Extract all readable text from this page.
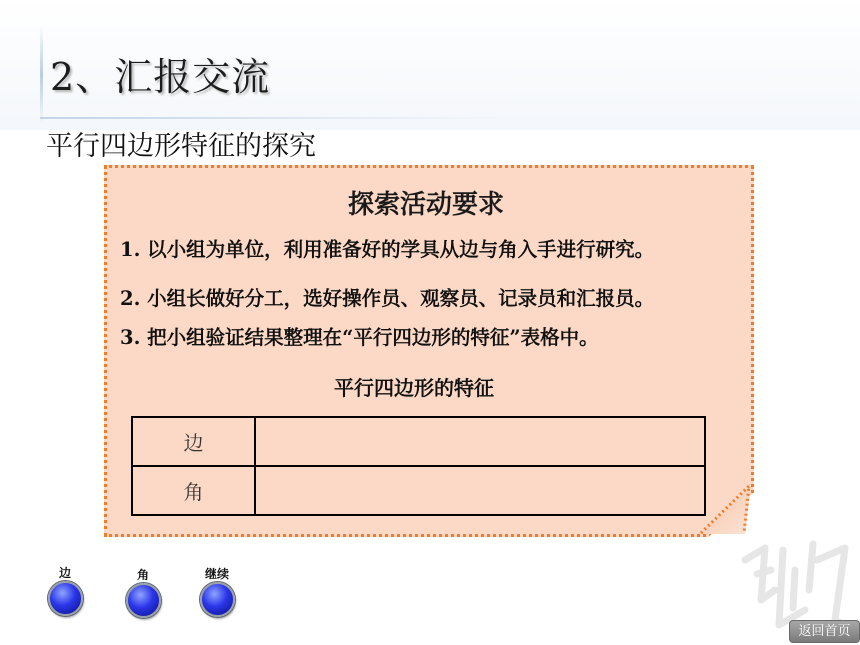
2、汇报交流
平行四边形特征的探究
探索活动要求

1. 以小组为单位，利用准备好的学具从边与角入手进行研究。

2. 小组长做好分工，选好操作员、观察员、记录员和汇报员。

3. 把小组验证结果整理在“平行四边形的特征”表格中。

平行四边形的特征

边	
角	
边	角	继续
返回首页
